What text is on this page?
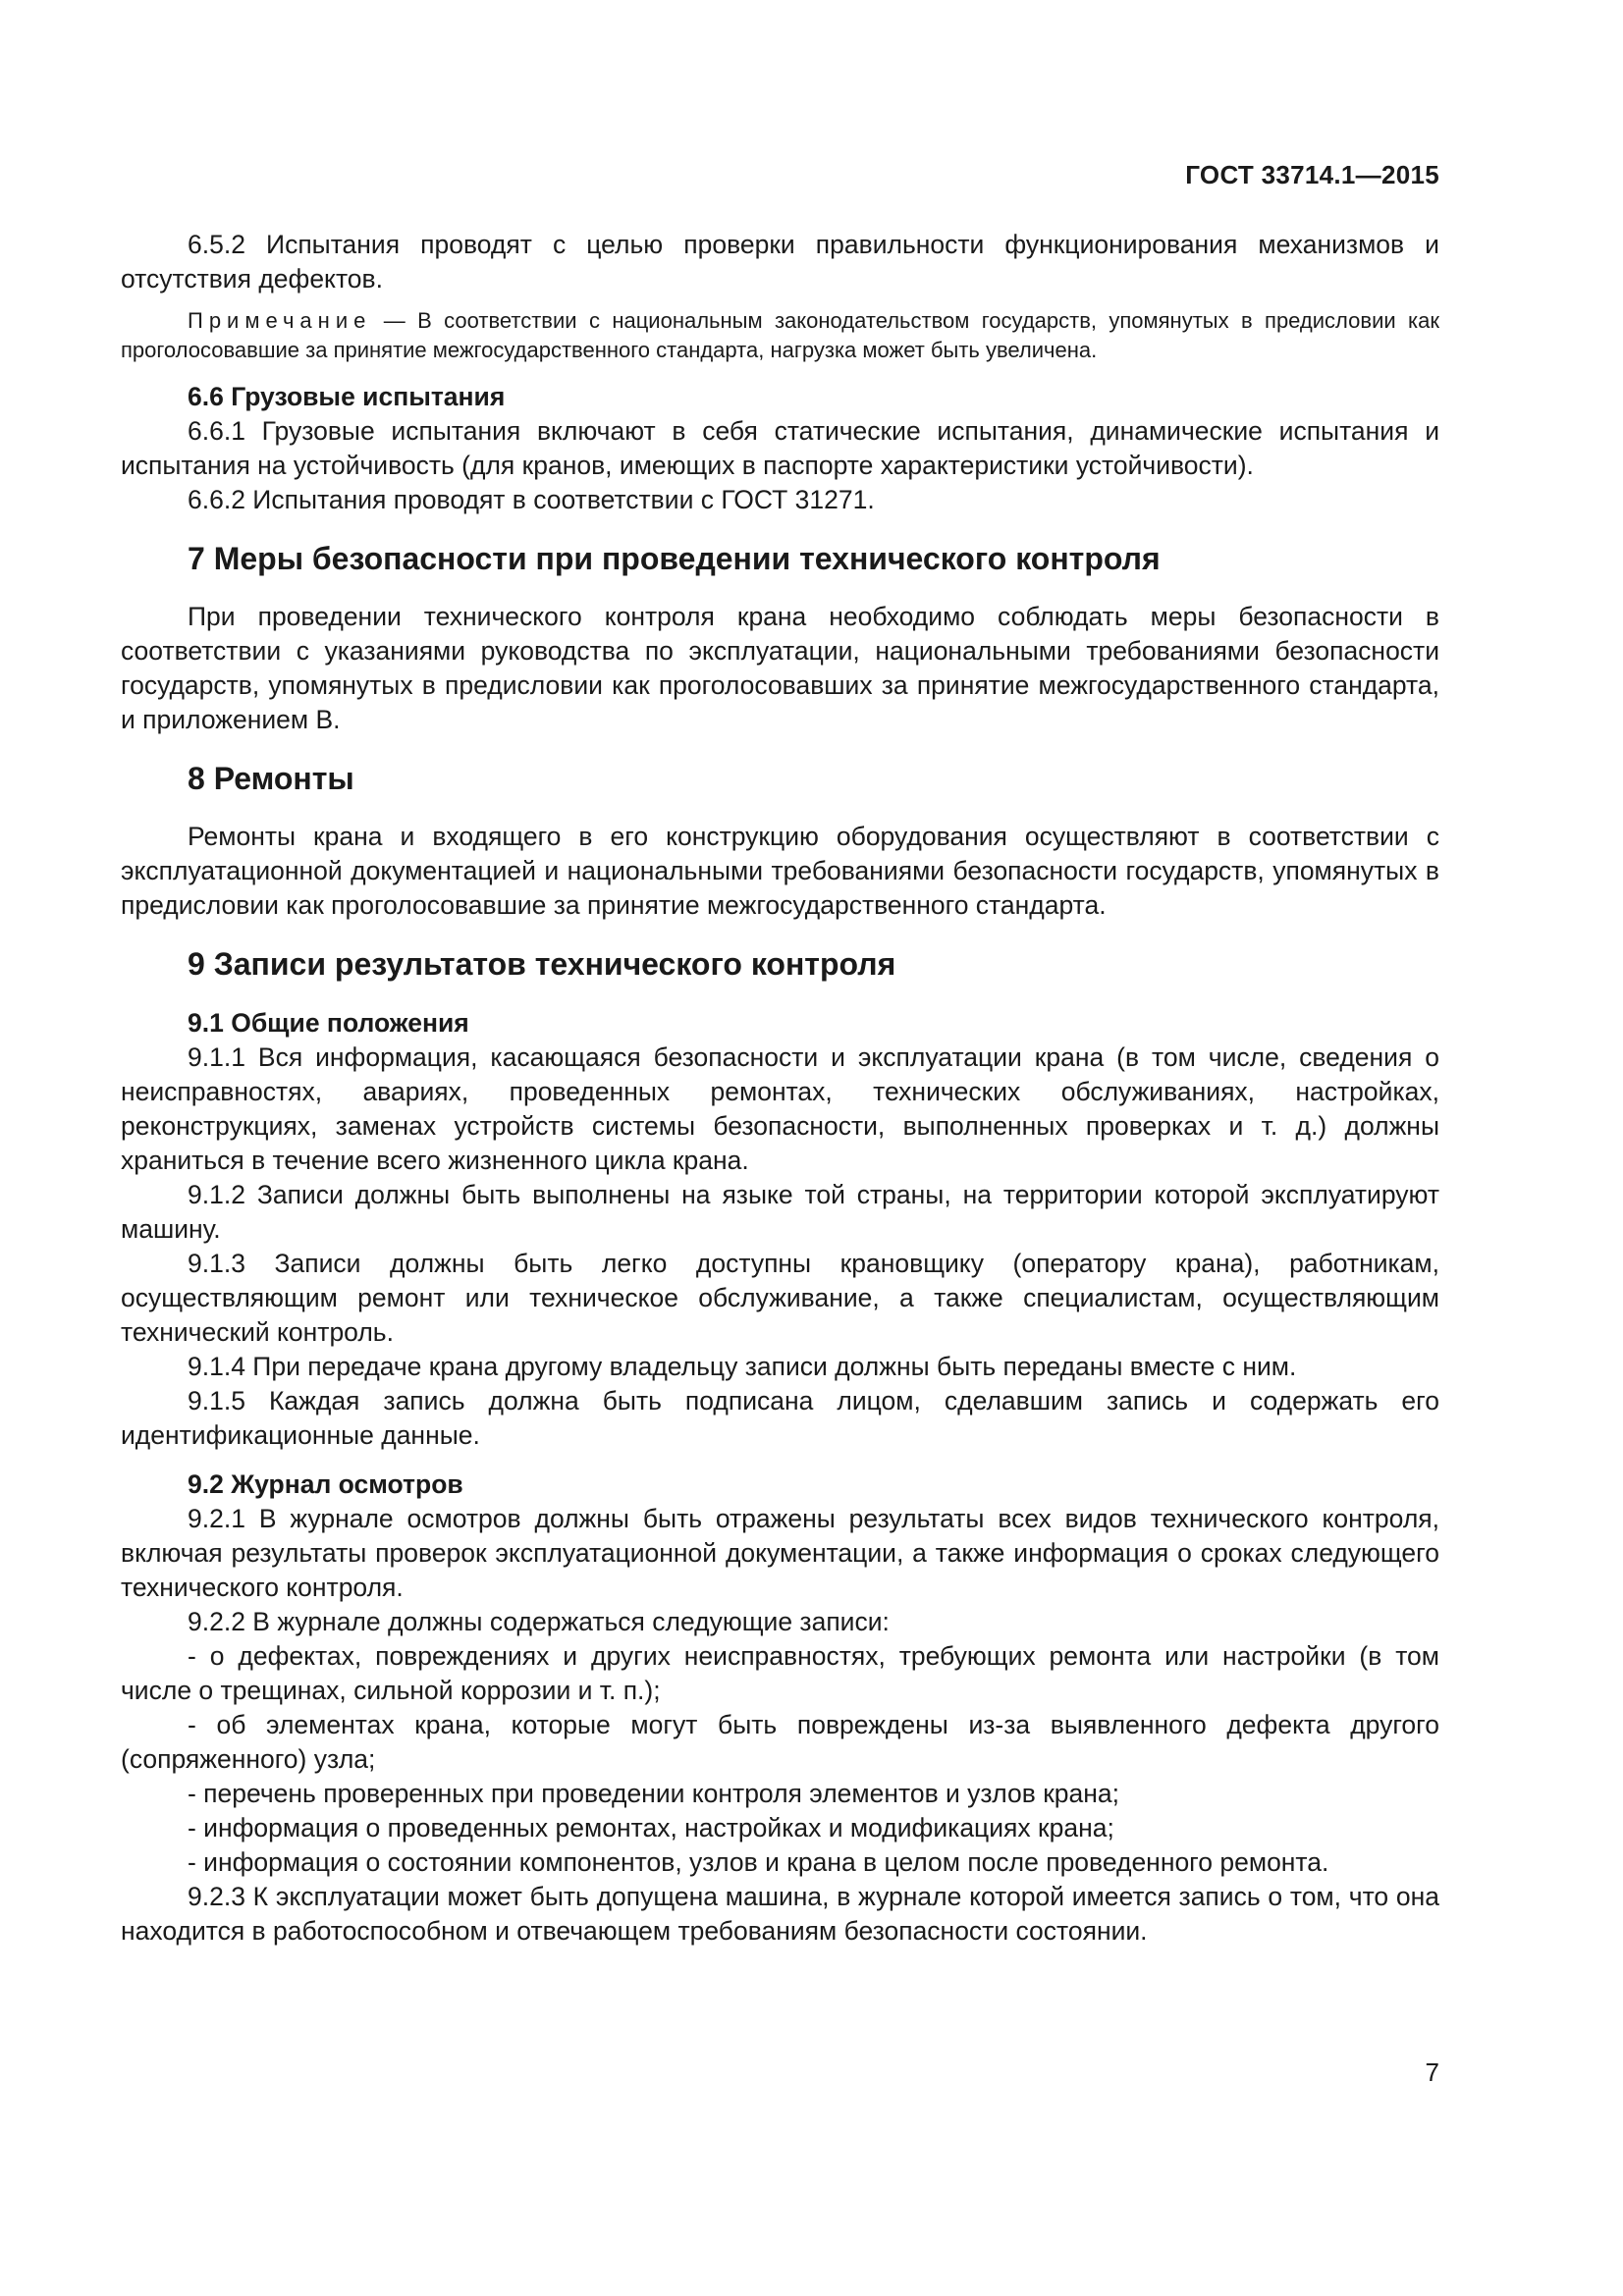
ГОСТ 33714.1—2015

6.5.2 Испытания проводят с целью проверки правильности функционирования механизмов и отсутствия дефектов.

Примечание — В соответствии с национальным законодательством государств, упомянутых в предисловии как проголосовавшие за принятие межгосударственного стандарта, нагрузка может быть увеличена.

6.6 Грузовые испытания

6.6.1 Грузовые испытания включают в себя статические испытания, динамические испытания и испытания на устойчивость (для кранов, имеющих в паспорте характеристики устойчивости).

6.6.2 Испытания проводят в соответствии с ГОСТ 31271.

7 Меры безопасности при проведении технического контроля

При проведении технического контроля крана необходимо соблюдать меры безопасности в соответствии с указаниями руководства по эксплуатации, национальными требованиями безопасности государств, упомянутых в предисловии как проголосовавших за принятие межгосударственного стандарта, и приложением В.

8 Ремонты

Ремонты крана и входящего в его конструкцию оборудования осуществляют в соответствии с эксплуатационной документацией и национальными требованиями безопасности государств, упомянутых в предисловии как проголосовавшие за принятие межгосударственного стандарта.

9 Записи результатов технического контроля
9.1 Общие положения

9.1.1 Вся информация, касающаяся безопасности и эксплуатации крана (в том числе, сведения о неисправностях, авариях, проведенных ремонтах, технических обслуживаниях, настройках, реконструкциях, заменах устройств системы безопасности, выполненных проверках и т. д.) должны храниться в течение всего жизненного цикла крана.

9.1.2 Записи должны быть выполнены на языке той страны, на территории которой эксплуатируют машину.

9.1.3 Записи должны быть легко доступны крановщику (оператору крана), работникам, осуществляющим ремонт или техническое обслуживание, а также специалистам, осуществляющим технический контроль.

9.1.4 При передаче крана другому владельцу записи должны быть переданы вместе с ним.

9.1.5 Каждая запись должна быть подписана лицом, сделавшим запись и содержать его идентификационные данные.

9.2 Журнал осмотров

9.2.1 В журнале осмотров должны быть отражены результаты всех видов технического контроля, включая результаты проверок эксплуатационной документации, а также информация о сроках следующего технического контроля.

9.2.2 В журнале должны содержаться следующие записи:

- о дефектах, повреждениях и других неисправностях, требующих ремонта или настройки (в том числе о трещинах, сильной коррозии и т. п.);

- об элементах крана, которые могут быть повреждены из-за выявленного дефекта другого (сопряженного) узла;

- перечень проверенных при проведении контроля элементов и узлов крана;

- информация о проведенных ремонтах, настройках и модификациях крана;

- информация о состоянии компонентов, узлов и крана в целом после проведенного ремонта.

9.2.3 К эксплуатации может быть допущена машина, в журнале которой имеется запись о том, что она находится в работоспособном и отвечающем требованиям безопасности состоянии.

7
